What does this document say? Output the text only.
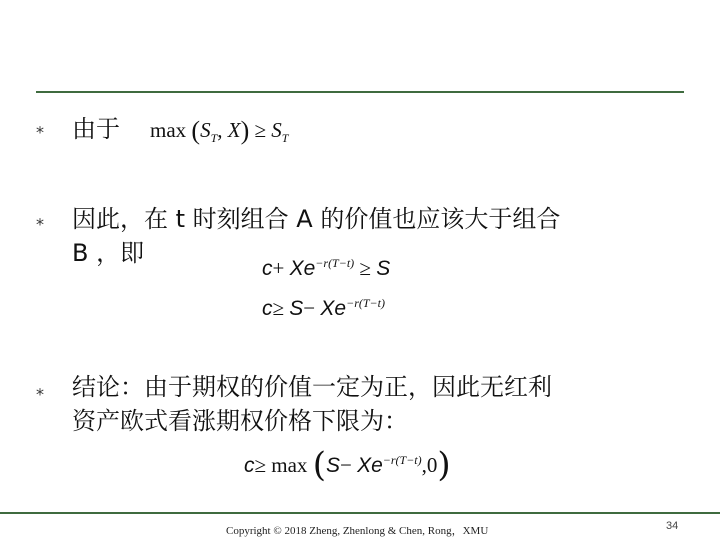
⁎ 由于 $\max (S_T$, $X) \ge S_T$
⁎ 因此，在 t 时刻组合 A 的价值也应该大于组合
B ，即
$c+ Xe^{-r(T-t)} \ge S$
$c\ge S- Xe^{-r(T-t)}$
⁎ 结论：由于期权的价值一定为正，因此无红利
资产欧式看涨期权价格下限为：
$c\ge \max (S- Xe^{-r(T-t)},0)$
Copyright © 2018 Zheng, Zhenlong & Chen, Rong，XMU	34
